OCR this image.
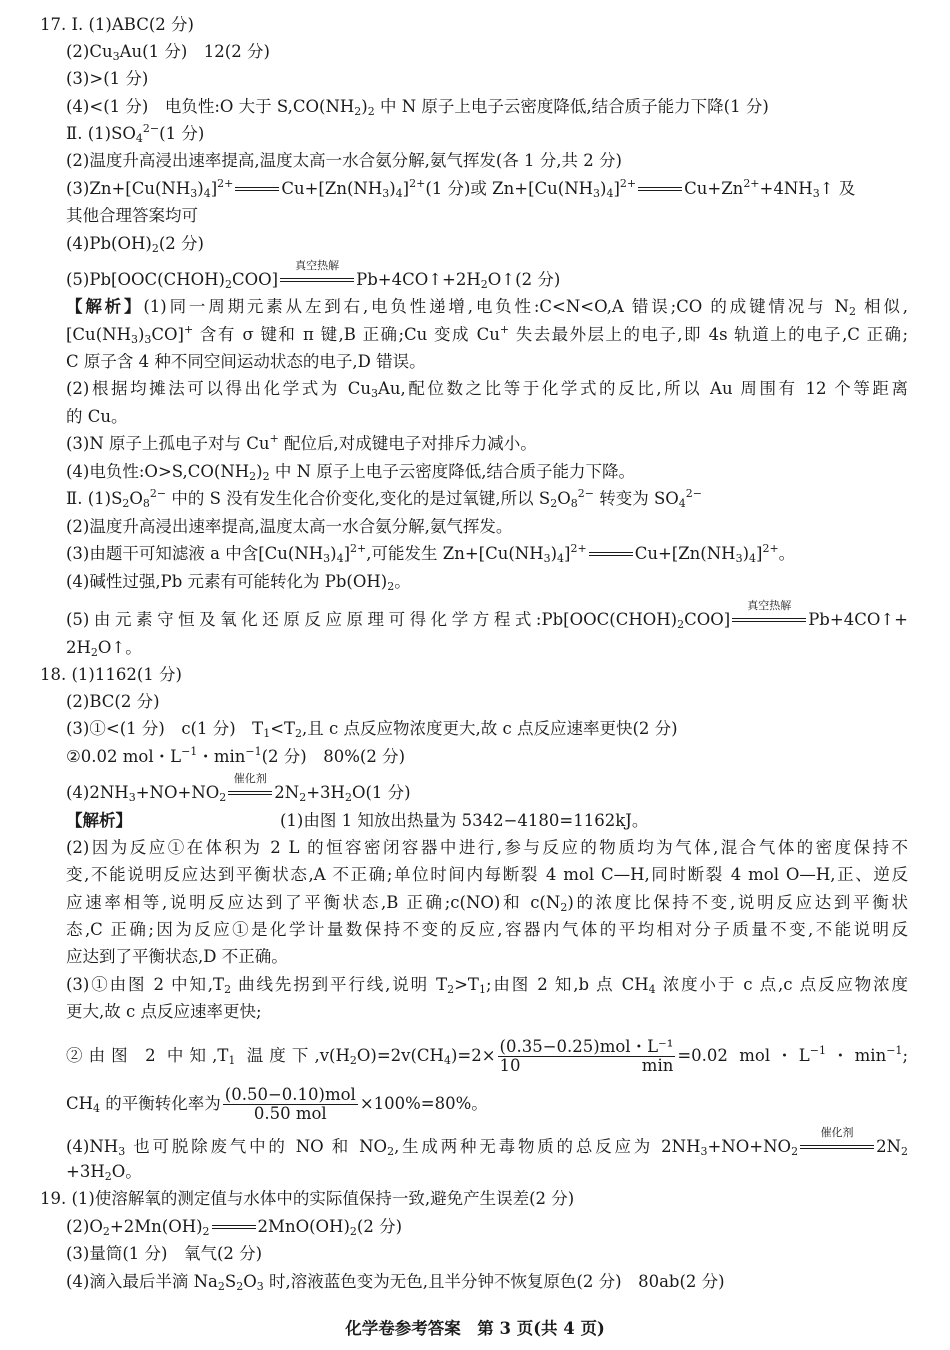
17. Ⅰ. (1)ABC(2 分)
$(2)Cu_3Au(1$ 分)　12(2 分)
(3)>(1 分)
(4)<(1 分)　电负性:O 大于 $S,CO(NH_2)_2$ 中 N 原子上电子云密度降低,结合质子能力下降(1 分)
Ⅱ. $(1)SO_4^{2-}(1$ 分)
(2)温度升高浸出速率提高,温度太高一水合氨分解,氨气挥发(各 1 分,共 2 分)
$(3)Zn+[Cu(NH_3)_4]^{2+}$	$Cu+[Zn(NH_3)_4]^{2+}(1$ 分)或 $Zn+[Cu(NH_3)_4]^{2+}$	$Cu+Zn^{2+}+4NH_3↑$ 及
其他合理答案均可
$(4)Pb(OH)_2(2$ 分)
$(5)Pb[OOC(CHOH)_2COO]$
真空热解
$Pb+4CO↑+2H_2O↑(2$ 分)
【解析】(1)同一周期元素从左到右,电负性递增,电负性:C<N<O,A 错误;CO 的成键情况与 $N_2$ 相似,
$[Cu(NH_3)_3CO]^+$ 含有 σ 键和 π 键,B 正确;Cu 变成 Cu+ 失去最外层上的电子,即 4s 轨道上的电子,C 正确;
C 原子含 4 种不同空间运动状态的电子,D 错误。
(2)根据均摊法可以得出化学式为 $Cu_3Au$,配位数之比等于化学式的反比,所以 Au 周围有 12 个等距离
的 Cu。
(3)N 原子上孤电子对与 Cu+ 配位后,对成键电子对排斥力减小。
(4)电负性$:O>S,CO(NH_2)_2$ 中 N 原子上电子云密度降低,结合质子能力下降。
Ⅱ. $(1)S_2O_8^{2-}$ 中的 S 没有发生化合价变化,变化的是过氧键,所以 $S_2O_8^{2-}$ 转变为 $SO_4^{2-}$
(2)温度升高浸出速率提高,温度太高一水合氨分解,氨气挥发。
(3)由题干可知滤液 a 中含$[Cu(NH_3)_4]^{2+}$,可能发生 $Zn+[Cu(NH_3)_4]^{2+}$	$Cu+[Zn(NH_3)_4]^{2+}$。
(4)碱性过强,Pb 元素有可能转化为 $Pb(OH)_2$。
(5)由元素守恒及氧化还原反应原理可得化学方程式$:Pb[OOC(CHOH)_2COO]$
真空热解
Pb+4CO↑+
$2H_2O↑$。
18. (1)1162(1 分)
(2)BC(2 分)
(3)①<(1 分)　c(1 分)　$T_1<T_2$,且 c 点反应物浓度更大,故 c 点反应速率更快(2 分)
②0.02 mol・$L^{-1}$・$\min^{-1}(2$ 分)　80%(2 分)
$(4)2NH_3+NO+NO_2$
催化剂
$2N_2+3H_2O(1$ 分)
【解析】	(1)由图 1 知放出热量为 5342−4180=1162kJ。
(2)因为反应①在体积为 2 L 的恒容密闭容器中进行,参与反应的物质均为气体,混合气体的密度保持不
变,不能说明反应达到平衡状态,A 不正确;单位时间内每断裂 4 mol C—H,同时断裂 4 mol O—H,正、逆反
应速率相等,说明反应达到了平衡状态,B 正确;c(NO)和 $c(N_2)$的浓度比保持不变,说明反应达到平衡状
态,C 正确;因为反应①是化学计量数保持不变的反应,容器内气体的平均相对分子质量不变,不能说明反
应达到了平衡状态,D 不正确。
(3)①由图 2 中知$,T_2$ 曲线先拐到平行线,说明 $T_2>T_1$;由图 2 知,b 点 $CH_4$ 浓度小于 c 点,c 点反应物浓度
更大,故 c 点反应速率更快;
②由图 2 中知$,T_1$ 温度下$,v(H_2O)=2v(CH_4)=2\times \frac{\text{(0.35−0.25)mol・L⁻¹}}{10 \min} =0.02$ mol・$L^{-1}$・$\min^{-1}$;
$CH_4$ 的平衡转化率为 $\frac{\text{(0.50−0.10)mol}}{\text{0.50 mol}} \times 100\%=80\%$。
$(4)NH_3$ 也可脱除废气中的 NO 和 $NO_2$,生成两种无毒物质的总反应为 $2NH_3+NO+NO_2$
催化剂
$2N_2$
$+3H_2O$。
19. (1)使溶解氧的测定值与水体中的实际值保持一致,避免产生误差(2 分)
$(2)O_2+2Mn(OH)_2$	$2MnO(OH)_2(2$ 分)
(3)量筒(1 分)　氧气(2 分)
(4)滴入最后半滴 $Na_2S_2O_3$ 时,溶液蓝色变为无色,且半分钟不恢复原色(2 分)　80ab(2 分)
化学卷参考答案　第 3 页(共 4 页)
